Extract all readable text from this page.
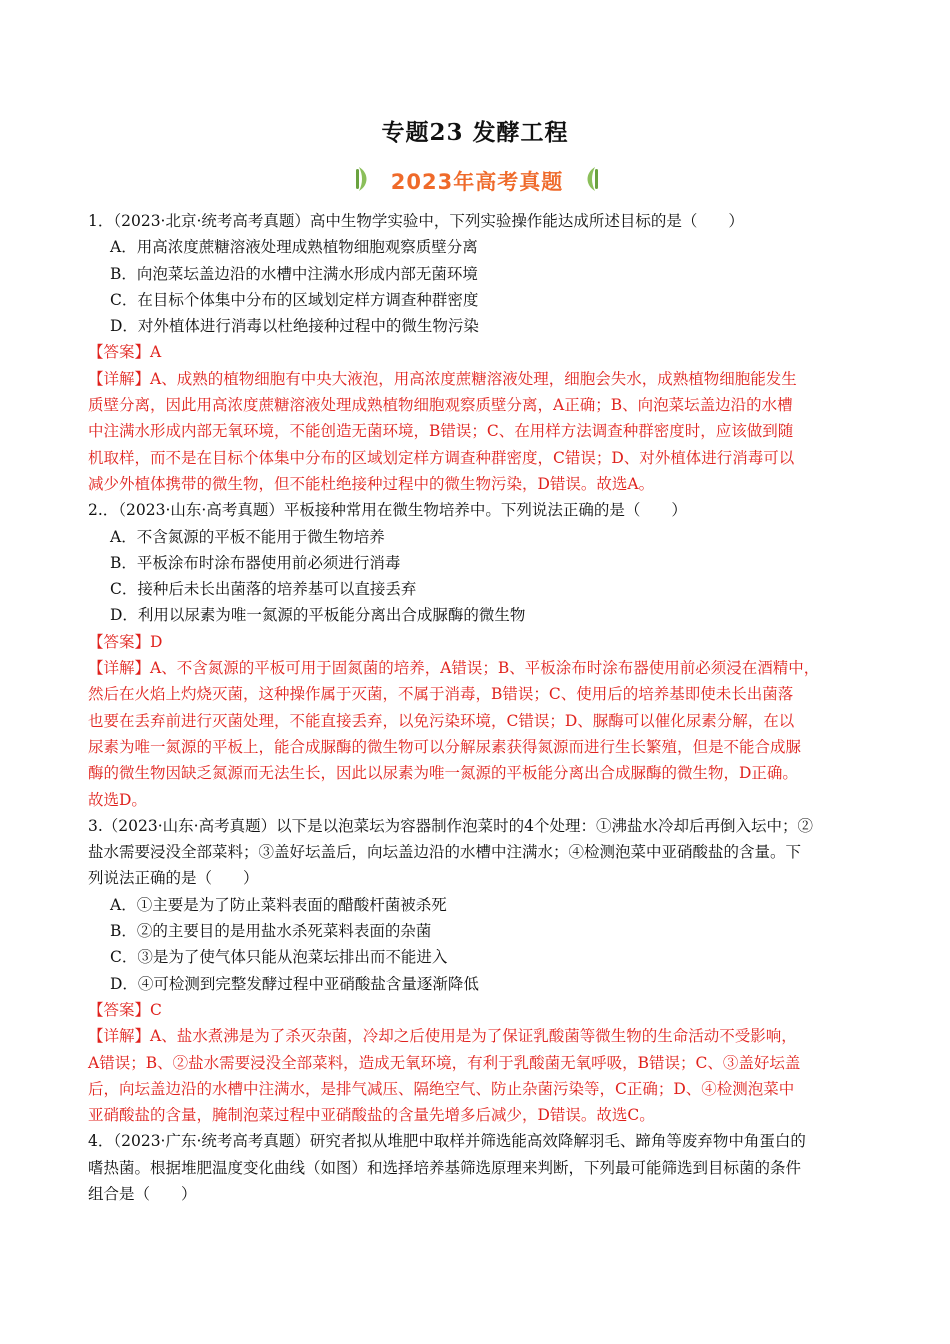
专题23 发酵工程
2023年高考真题
1．（2023·北京·统考高考真题）高中生物学实验中，下列实验操作能达成所述目标的是（　　）
A．用高浓度蔗糖溶液处理成熟植物细胞观察质壁分离
B．向泡菜坛盖边沿的水槽中注满水形成内部无菌环境
C．在目标个体集中分布的区域划定样方调查种群密度
D．对外植体进行消毒以杜绝接种过程中的微生物污染
【答案】A
【详解】A、成熟的植物细胞有中央大液泡，用高浓度蔗糖溶液处理，细胞会失水，成熟植物细胞能发生
质壁分离，因此用高浓度蔗糖溶液处理成熟植物细胞观察质壁分离，A正确；B、向泡菜坛盖边沿的水槽
中注满水形成内部无氧环境，不能创造无菌环境，B错误；C、在用样方法调查种群密度时，应该做到随
机取样，而不是在目标个体集中分布的区域划定样方调查种群密度，C错误；D、对外植体进行消毒可以
减少外植体携带的微生物，但不能杜绝接种过程中的微生物污染，D错误。故选A。
2.．（2023·山东·高考真题）平板接种常用在微生物培养中。下列说法正确的是（　　）
A．不含氮源的平板不能用于微生物培养
B．平板涂布时涂布器使用前必须进行消毒
C．接种后未长出菌落的培养基可以直接丢弃
D．利用以尿素为唯一氮源的平板能分离出合成脲酶的微生物
【答案】D
【详解】A、不含氮源的平板可用于固氮菌的培养，A错误；B、平板涂布时涂布器使用前必须浸在酒精中，
然后在火焰上灼烧灭菌，这种操作属于灭菌，不属于消毒，B错误；C、使用后的培养基即使未长出菌落
也要在丢弃前进行灭菌处理，不能直接丢弃，以免污染环境，C错误；D、脲酶可以催化尿素分解，在以
尿素为唯一氮源的平板上，能合成脲酶的微生物可以分解尿素获得氮源而进行生长繁殖，但是不能合成脲
酶的微生物因缺乏氮源而无法生长，因此以尿素为唯一氮源的平板能分离出合成脲酶的微生物，D正确。
故选D。
3.（2023·山东·高考真题）以下是以泡菜坛为容器制作泡菜时的4个处理：①沸盐水冷却后再倒入坛中；②
盐水需要浸没全部菜料；③盖好坛盖后，向坛盖边沿的水槽中注满水；④检测泡菜中亚硝酸盐的含量。下
列说法正确的是（　　）
A．①主要是为了防止菜料表面的醋酸杆菌被杀死
B．②的主要目的是用盐水杀死菜料表面的杂菌
C．③是为了使气体只能从泡菜坛排出而不能进入
D．④可检测到完整发酵过程中亚硝酸盐含量逐渐降低
【答案】C
【详解】A、盐水煮沸是为了杀灭杂菌，冷却之后使用是为了保证乳酸菌等微生物的生命活动不受影响，
A错误；B、②盐水需要浸没全部菜料，造成无氧环境，有利于乳酸菌无氧呼吸，B错误；C、③盖好坛盖
后，向坛盖边沿的水槽中注满水，是排气减压、隔绝空气、防止杂菌污染等，C正确；D、④检测泡菜中
亚硝酸盐的含量，腌制泡菜过程中亚硝酸盐的含量先增多后减少，D错误。故选C。
4．（2023·广东·统考高考真题）研究者拟从堆肥中取样并筛选能高效降解羽毛、蹄角等废弃物中角蛋白的
嗜热菌。根据堆肥温度变化曲线（如图）和选择培养基筛选原理来判断，下列最可能筛选到目标菌的条件
组合是（　　）
